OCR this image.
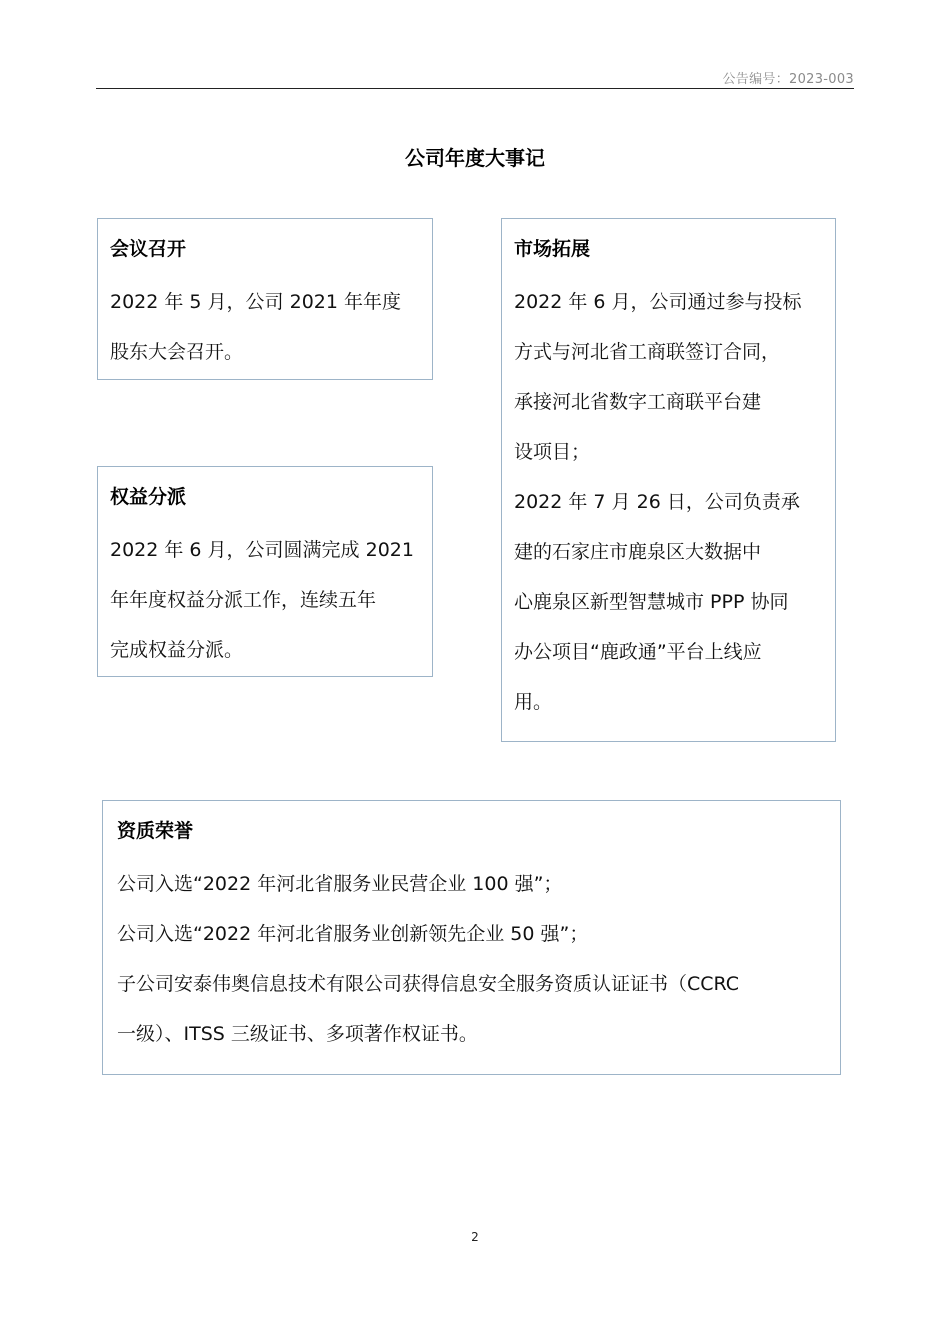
公告编号：2023-003
公司年度大事记
会议召开
2022 年 5 月，公司 2021 年年度
股东大会召开。
权益分派
2022 年 6 月，公司圆满完成 2021
年年度权益分派工作，连续五年
完成权益分派。
市场拓展
2022 年 6 月，公司通过参与投标
方式与河北省工商联签订合同，
承接河北省数字工商联平台建
设项目；
2022 年 7 月 26 日，公司负责承
建的石家庄市鹿泉区大数据中
心鹿泉区新型智慧城市 PPP 协同
办公项目“鹿政通”平台上线应
用。
资质荣誉
公司入选“2022 年河北省服务业民营企业 100 强”；
公司入选“2022 年河北省服务业创新领先企业 50 强”；
子公司安泰伟奥信息技术有限公司获得信息安全服务资质认证证书（CCRC
一级）、ITSS 三级证书、多项著作权证书。
2
